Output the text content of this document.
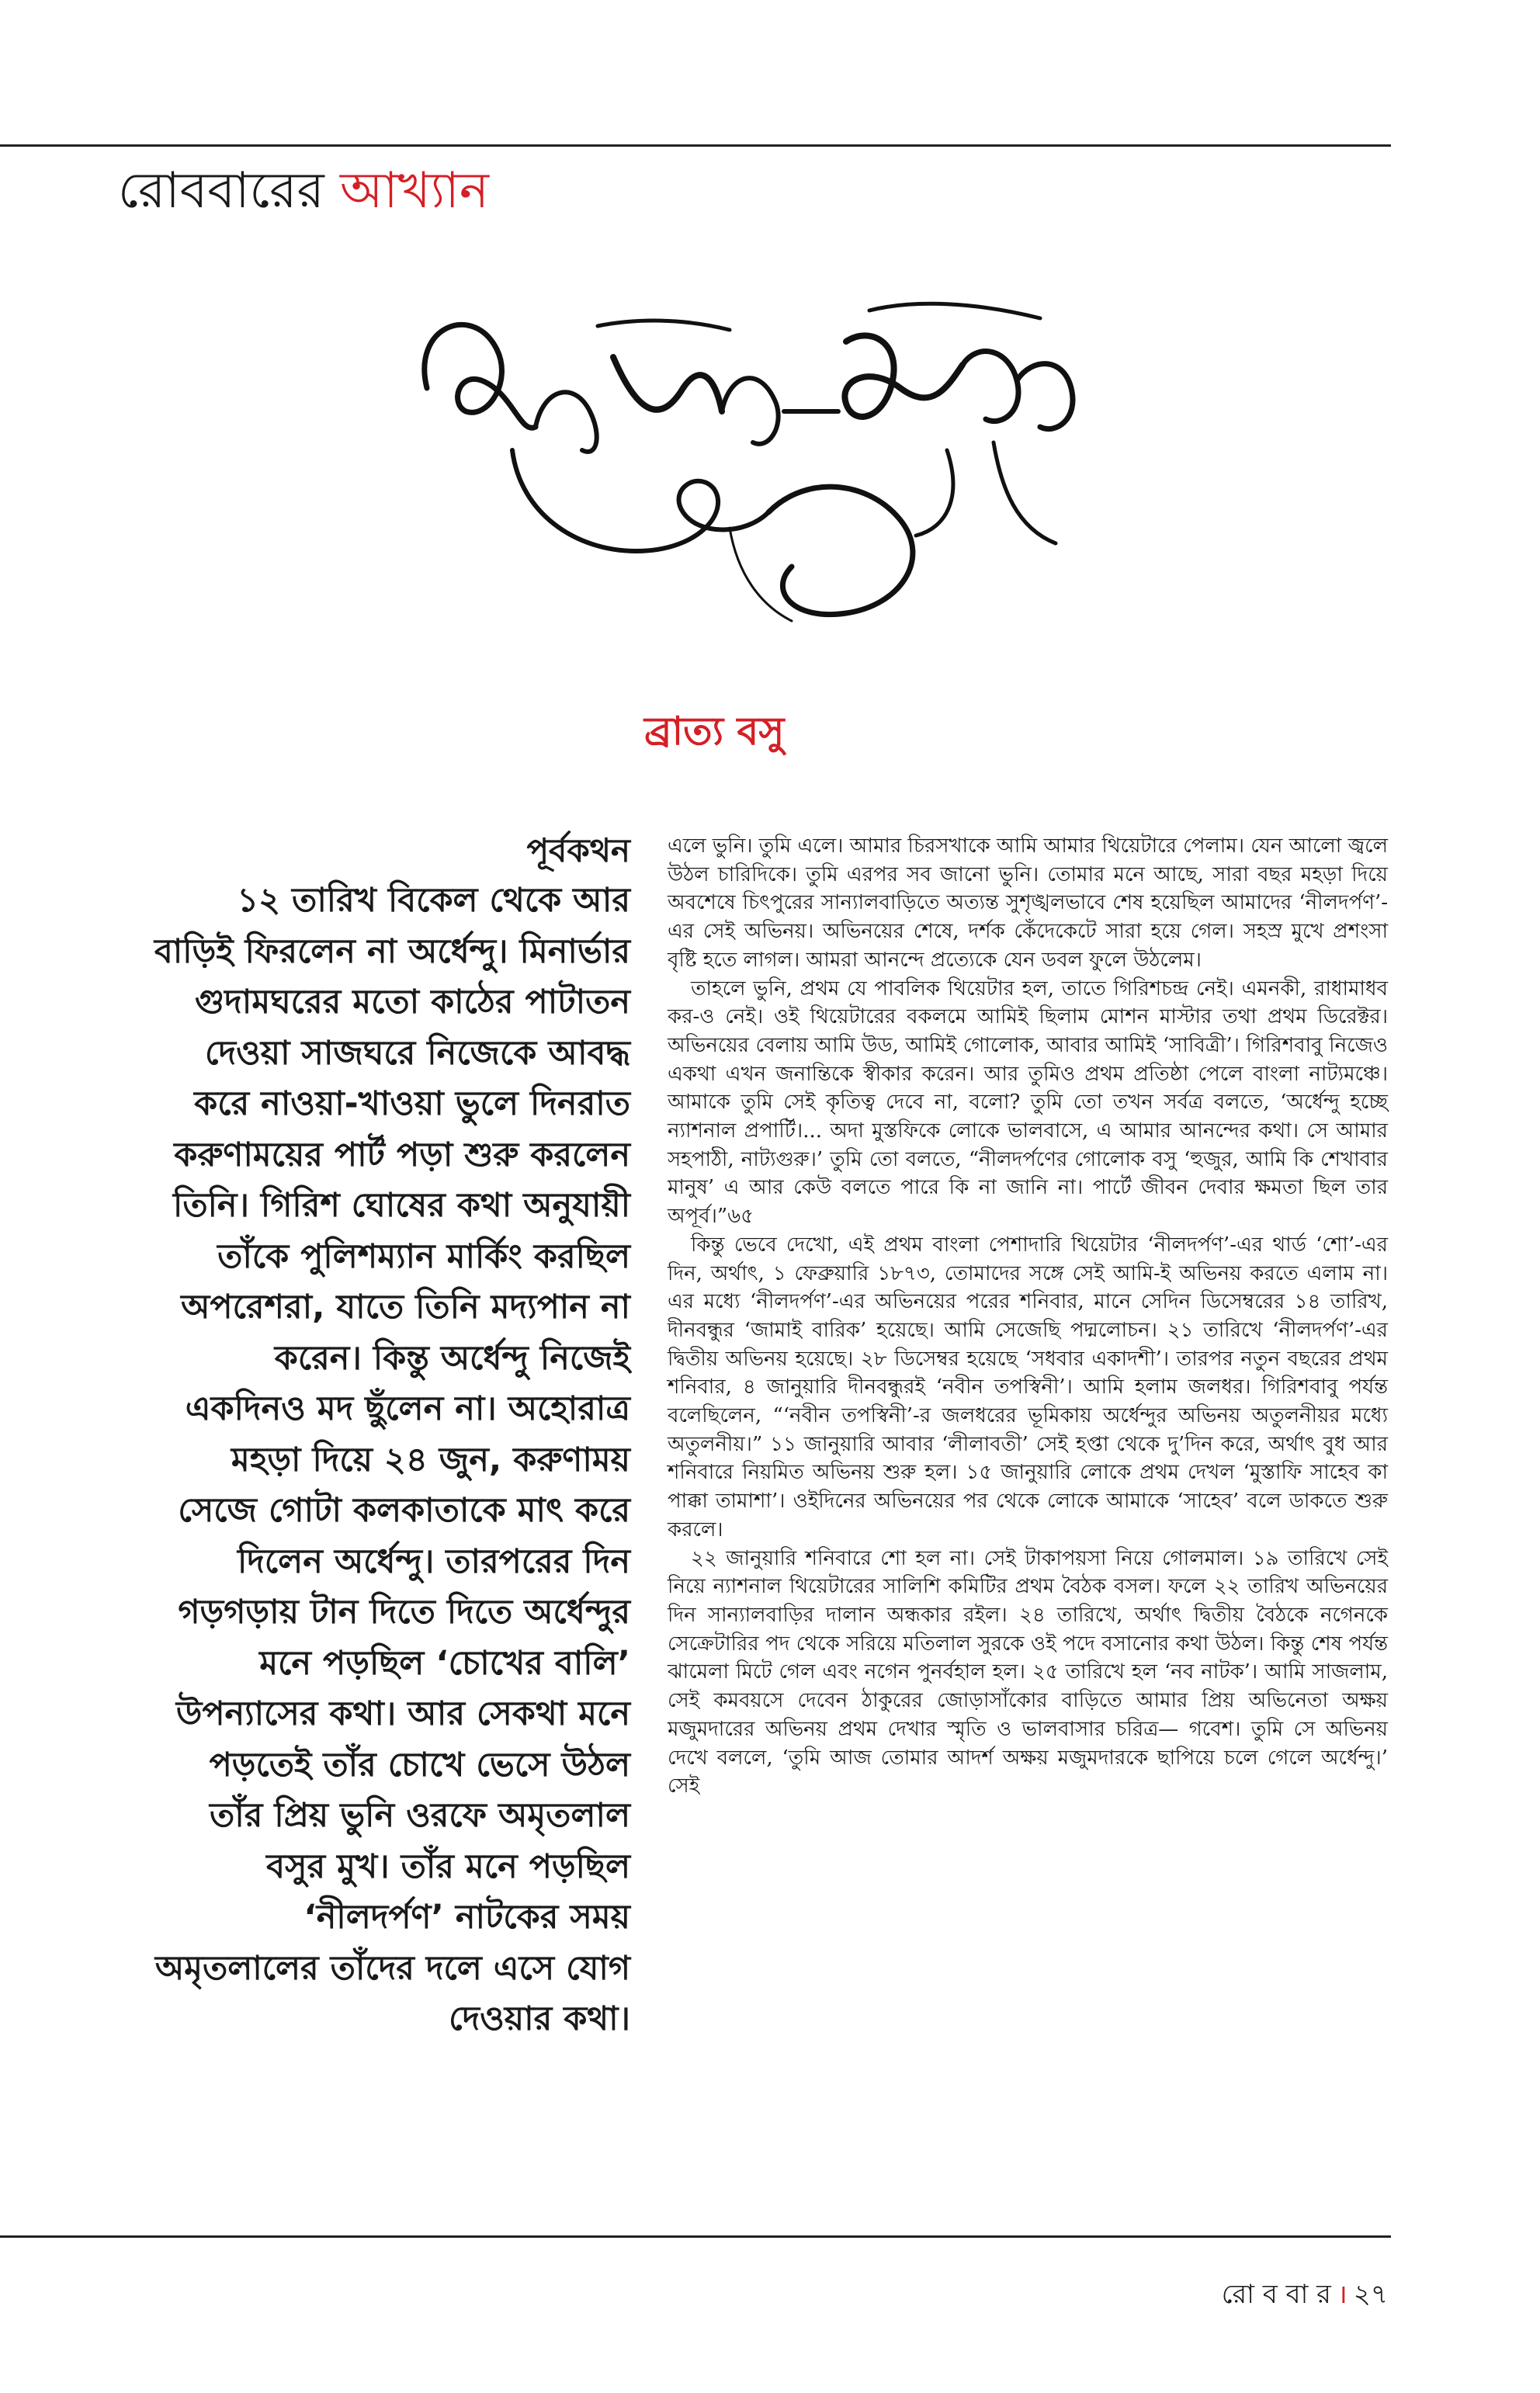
রোববারের আখ্যান
ব্রাত্য বসু

পূর্বকথন

১২ তারিখ বিকেল থেকে আর বাড়িই ফিরলেন না অর্ধেন্দু। মিনার্ভার গুদামঘরের মতো কাঠের পাটাতন দেওয়া সাজঘরে নিজেকে আবদ্ধ করে নাওয়া-খাওয়া ভুলে দিনরাত করুণাময়ের পার্ট পড়া শুরু করলেন তিনি। গিরিশ ঘোষের কথা অনুযায়ী তাঁকে পুলিশম্যান মার্কিং করছিল অপরেশরা, যাতে তিনি মদ্যপান না করেন। কিন্তু অর্ধেন্দু নিজেই একদিনও মদ ছুঁলেন না। অহোরাত্র মহড়া দিয়ে ২৪ জুন, করুণাময় সেজে গোটা কলকাতাকে মাৎ করে দিলেন অর্ধেন্দু। তারপরের দিন গড়গড়ায় টান দিতে দিতে অর্ধেন্দুর মনে পড়ছিল ‘চোখের বালি’ উপন্যাসের কথা। আর সেকথা মনে পড়তেই তাঁর চোখে ভেসে উঠল তাঁর প্রিয় ভুনি ওরফে অমৃতলাল বসুর মুখ। তাঁর মনে পড়ছিল ‘নীলদর্পণ’ নাটকের সময় অমৃতলালের তাঁদের দলে এসে যোগ দেওয়ার কথা।

এলে ভুনি। তুমি এলে। আমার চিরসখাকে আমি আমার থিয়েটারে পেলাম। যেন আলো জ্বলে উঠল চারিদিকে। তুমি এরপর সব জানো ভুনি। তোমার মনে আছে, সারা বছর মহড়া দিয়ে অবশেষে চিৎপুরের সান্যালবাড়িতে অত্যন্ত সুশৃঙ্খলভাবে শেষ হয়েছিল আমাদের ‘নীলদর্পণ’-এর সেই অভিনয়। অভিনয়ের শেষে, দর্শক কেঁদেকেটে সারা হয়ে গেল। সহস্র মুখে প্রশংসা বৃষ্টি হতে লাগল। আমরা আনন্দে প্রত্যেকে যেন ডবল ফুলে উঠলেম।

তাহলে ভুনি, প্রথম যে পাবলিক থিয়েটার হল, তাতে গিরিশচন্দ্র নেই। এমনকী, রাধামাধব কর-ও নেই। ওই থিয়েটারের বকলমে আমিই ছিলাম মোশন মাস্টার তথা প্রথম ডিরেক্টর। অভিনয়ের বেলায় আমি উড, আমিই গোলোক, আবার আমিই ‘সাবিত্রী’। গিরিশবাবু নিজেও একথা এখন জনান্তিকে স্বীকার করেন। আর তুমিও প্রথম প্রতিষ্ঠা পেলে বাংলা নাট্যমঞ্চে। আমাকে তুমি সেই কৃতিত্ব দেবে না, বলো? তুমি তো তখন সর্বত্র বলতে, ‘অর্ধেন্দু হচ্ছে ন্যাশনাল প্রপার্টি।... অদা মুস্তফিকে লোকে ভালবাসে, এ আমার আনন্দের কথা। সে আমার সহপাঠী, নাট্যগুরু।’ তুমি তো বলতে, “নীলদর্পণের গোলোক বসু ‘হুজুর, আমি কি শেখাবার মানুষ’ এ আর কেউ বলতে পারে কি না জানি না। পার্টে জীবন দেবার ক্ষমতা ছিল তার অপূর্ব।”৬৫

কিন্তু ভেবে দেখো, এই প্রথম বাংলা পেশাদারি থিয়েটার ‘নীলদর্পণ’-এর থার্ড ‘শো’-এর দিন, অর্থাৎ, ১ ফেব্রুয়ারি ১৮৭৩, তোমাদের সঙ্গে সেই আমি-ই অভিনয় করতে এলাম না। এর মধ্যে ‘নীলদর্পণ’-এর অভিনয়ের পরের শনিবার, মানে সেদিন ডিসেম্বরের ১৪ তারিখ, দীনবন্ধুর ‘জামাই বারিক’ হয়েছে। আমি সেজেছি পদ্মলোচন। ২১ তারিখে ‘নীলদর্পণ’-এর দ্বিতীয় অভিনয় হয়েছে। ২৮ ডিসেম্বর হয়েছে ‘সধবার একাদশী’। তারপর নতুন বছরের প্রথম শনিবার, ৪ জানুয়ারি দীনবন্ধুরই ‘নবীন তপস্বিনী’। আমি হলাম জলধর। গিরিশবাবু পর্যন্ত বলেছিলেন, “‘নবীন তপস্বিনী’-র জলধরের ভূমিকায় অর্ধেন্দুর অভিনয় অতুলনীয়র মধ্যে অতুলনীয়।” ১১ জানুয়ারি আবার ‘লীলাবতী’ সেই হপ্তা থেকে দু’দিন করে, অর্থাৎ বুধ আর শনিবারে নিয়মিত অভিনয় শুরু হল। ১৫ জানুয়ারি লোকে প্রথম দেখল ‘মুস্তাফি সাহেব কা পাক্কা তামাশা’। ওইদিনের অভিনয়ের পর থেকে লোকে আমাকে ‘সাহেব’ বলে ডাকতে শুরু করলে।

২২ জানুয়ারি শনিবারে শো হল না। সেই টাকাপয়সা নিয়ে গোলমাল। ১৯ তারিখে সেই নিয়ে ন্যাশনাল থিয়েটারের সালিশি কমিটির প্রথম বৈঠক বসল। ফলে ২২ তারিখ অভিনয়ের দিন সান্যালবাড়ির দালান অন্ধকার রইল। ২৪ তারিখে, অর্থাৎ দ্বিতীয় বৈঠকে নগেনকে সেক্রেটারির পদ থেকে সরিয়ে মতিলাল সুরকে ওই পদে বসানোর কথা উঠল। কিন্তু শেষ পর্যন্ত ঝামেলা মিটে গেল এবং নগেন পুনর্বহাল হল। ২৫ তারিখে হল ‘নব নাটক’। আমি সাজলাম, সেই কমবয়সে দেবেন ঠাকুরের জোড়াসাঁকোর বাড়িতে আমার প্রিয় অভিনেতা অক্ষয় মজুমদারের অভিনয় প্রথম দেখার স্মৃতি ও ভালবাসার চরিত্র— গবেশ। তুমি সে অভিনয় দেখে বললে, ‘তুমি আজ তোমার আদর্শ অক্ষয় মজুমদারকে ছাপিয়ে চলে গেলে অর্ধেন্দু।’ সেই

রো ব বা র । ২৭
